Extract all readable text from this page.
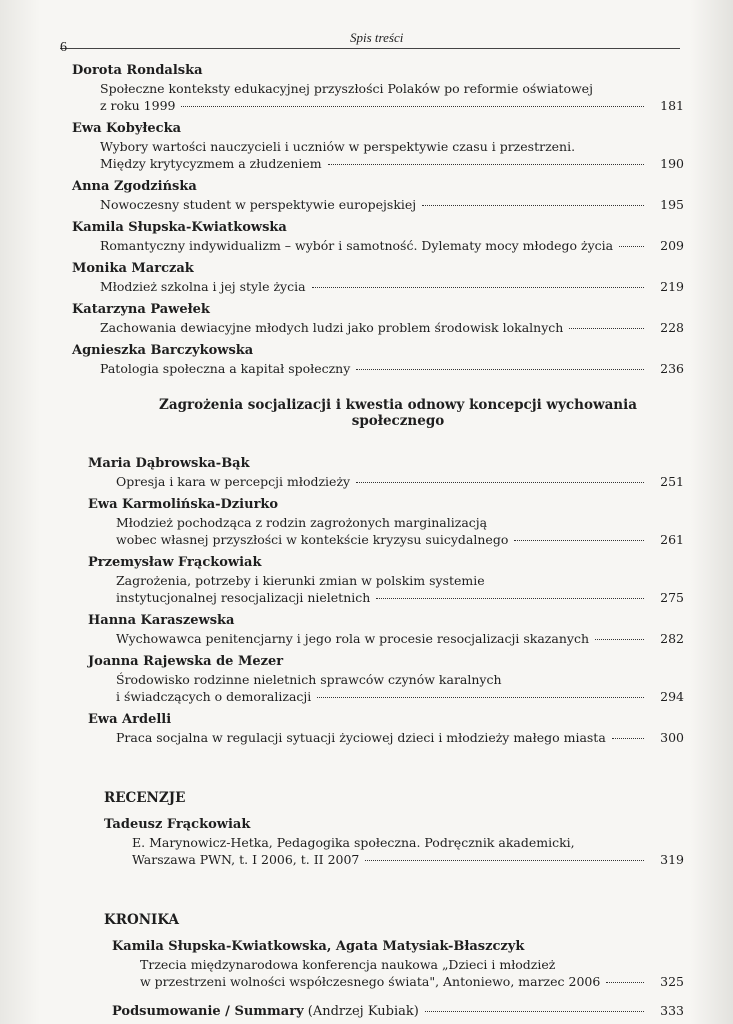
6
Spis treści
Dorota Rondalska
Społeczne konteksty edukacyjnej przyszłości Polaków po reformie oświatowej
z roku 1999	181
Ewa Kobyłecka
Wybory wartości nauczycieli i uczniów w perspektywie czasu i przestrzeni.
Między krytycyzmem a złudzeniem	190
Anna Zgodzińska
Nowoczesny student w perspektywie europejskiej	195
Kamila Słupska-Kwiatkowska
Romantyczny indywidualizm – wybór i samotność. Dylematy mocy młodego życia	209
Monika Marczak
Młodzież szkolna i jej style życia	219
Katarzyna Pawełek
Zachowania dewiacyjne młodych ludzi jako problem środowisk lokalnych	228
Agnieszka Barczykowska
Patologia społeczna a kapitał społeczny	236
Zagrożenia socjalizacji i kwestia odnowy koncepcji wychowania społecznego
Maria Dąbrowska-Bąk
Opresja i kara w percepcji młodzieży	251
Ewa Karmolińska-Dziurko
Młodzież pochodząca z rodzin zagrożonych marginalizacją
wobec własnej przyszłości w kontekście kryzysu suicydalnego	261
Przemysław Frąckowiak
Zagrożenia, potrzeby i kierunki zmian w polskim systemie
instytucjonalnej resocjalizacji nieletnich	275
Hanna Karaszewska
Wychowawca penitencjarny i jego rola w procesie resocjalizacji skazanych	282
Joanna Rajewska de Mezer
Środowisko rodzinne nieletnich sprawców czynów karalnych
i świadczących o demoralizacji	294
Ewa Ardelli
Praca socjalna w regulacji sytuacji życiowej dzieci i młodzieży małego miasta	300
RECENZJE
Tadeusz Frąckowiak
E. Marynowicz-Hetka, Pedagogika społeczna. Podręcznik akademicki,
Warszawa PWN, t. I 2006, t. II 2007	319
KRONIKA
Kamila Słupska-Kwiatkowska, Agata Matysiak-Błaszczyk
Trzecia międzynarodowa konferencja naukowa „Dzieci i młodzież
w przestrzeni wolności współczesnego świata", Antoniewo, marzec 2006	325
Podsumowanie / Summary (Andrzej Kubiak)	333
